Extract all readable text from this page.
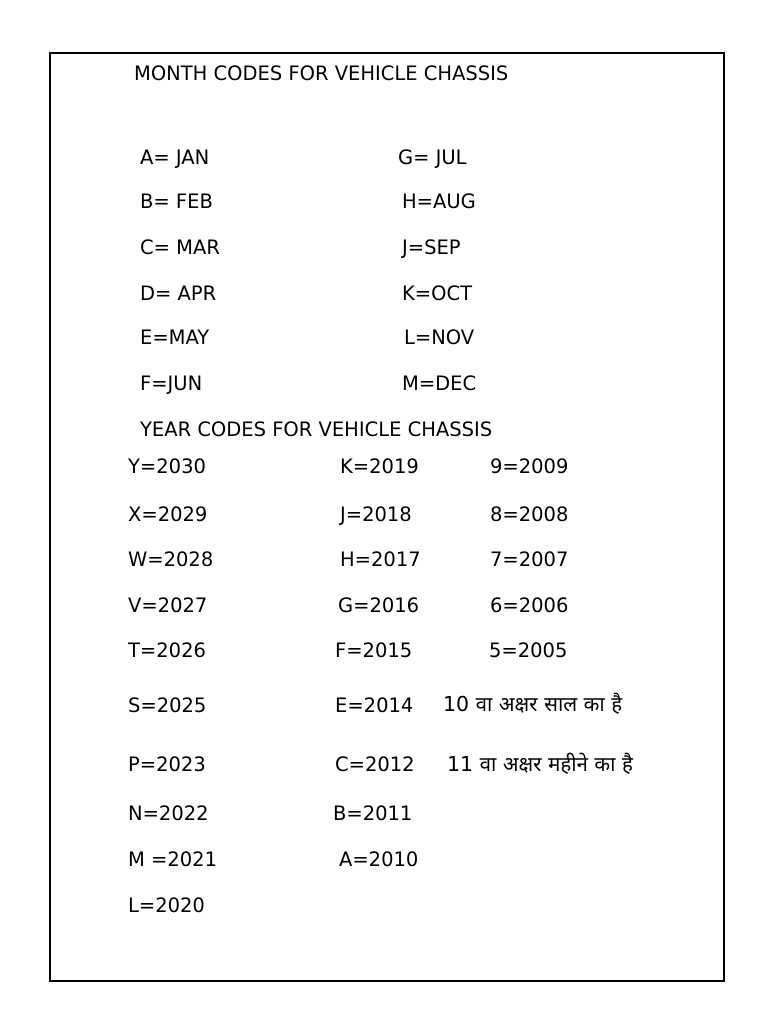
MONTH CODES FOR VEHICLE CHASSIS
A= JAN
B= FEB
C= MAR
D= APR
E=MAY
F=JUN
G= JUL
H=AUG
J=SEP
K=OCT
L=NOV
M=DEC
YEAR CODES FOR VEHICLE CHASSIS
Y=2030
X=2029
W=2028
V=2027
T=2026
S=2025
P=2023
N=2022
M =2021
L=2020
K=2019
J=2018
H=2017
G=2016
F=2015
E=2014
C=2012
B=2011
A=2010
9=2009
8=2008
7=2007
6=2006
5=2005
10 वा अक्षर साल का है
11 वा अक्षर महीने का है
